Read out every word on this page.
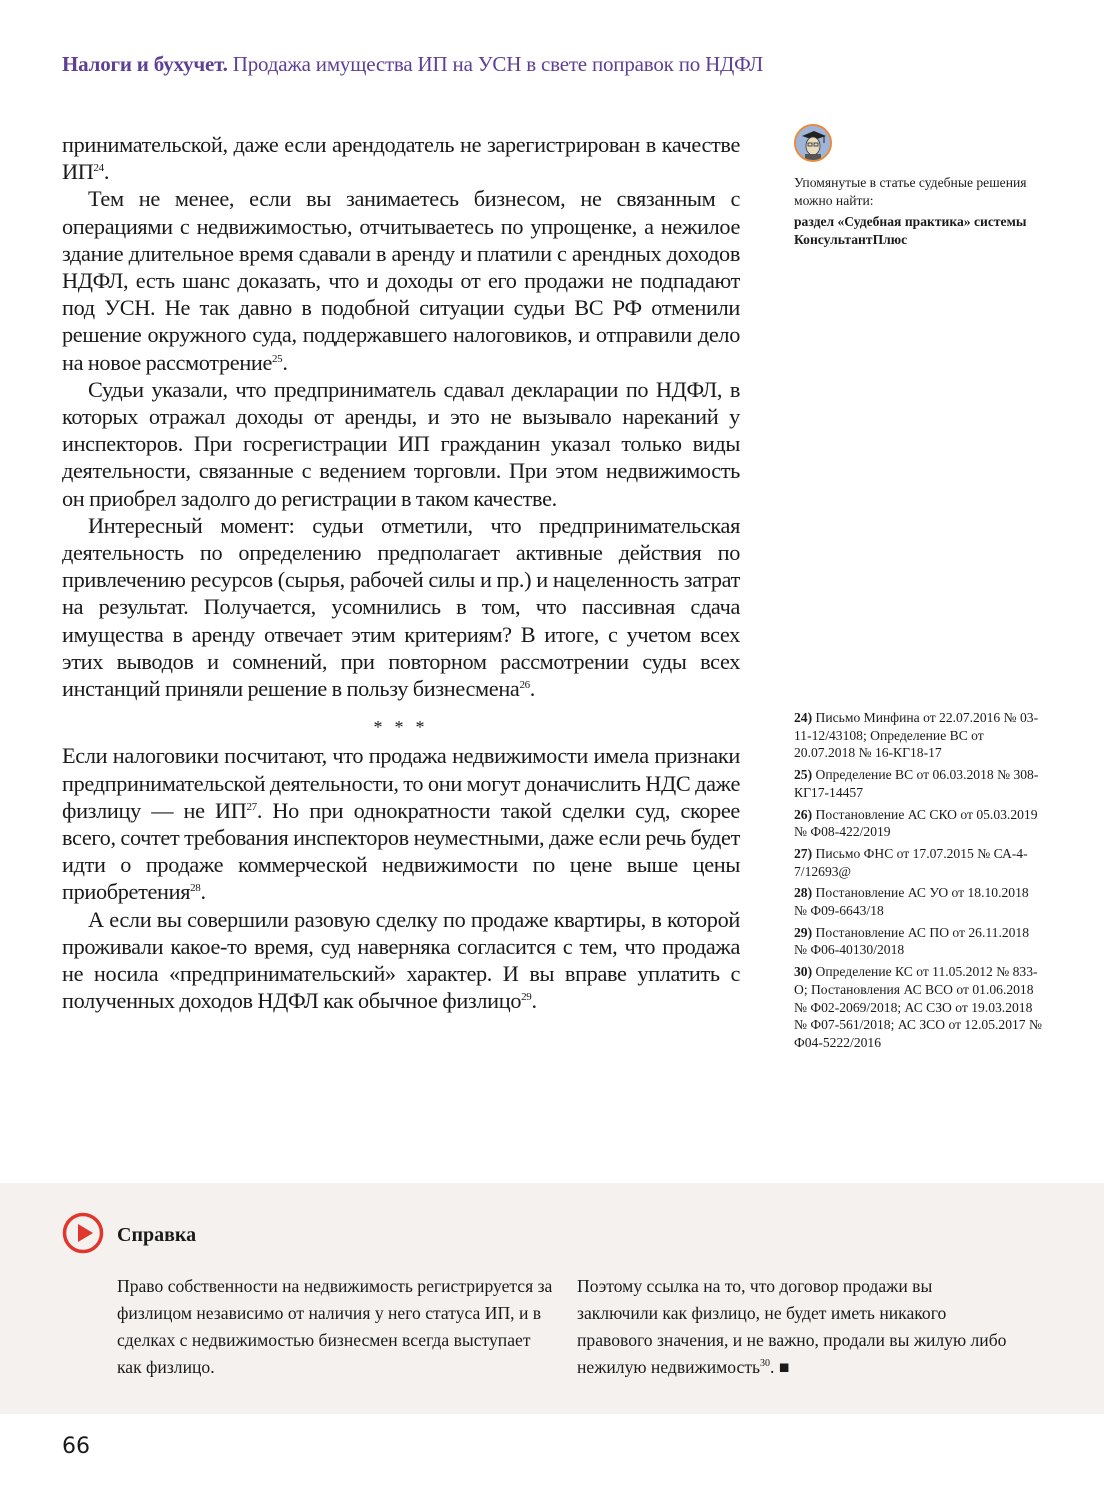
Налоги и бухучет. Продажа имущества ИП на УСН в свете поправок по НДФЛ

принимательской, даже если арендодатель не зарегистрирован в качестве ИП$^{24}$.

Тем не менее, если вы занимаетесь бизнесом, не связанным с операциями с недвижимостью, отчитываетесь по упрощенке, а нежилое здание длительное время сдавали в аренду и платили с арендных доходов НДФЛ, есть шанс доказать, что и доходы от его продажи не подпадают под УСН. Не так давно в подобной ситуации судьи ВС РФ отменили решение окружного суда, поддержавшего налоговиков, и отправили дело на новое рассмотрение$^{25}$.

Судьи указали, что предприниматель сдавал декларации по НДФЛ, в которых отражал доходы от аренды, и это не вызывало нареканий у инспекторов. При госрегистрации ИП гражданин указал только виды деятельности, связанные с ведением торговли. При этом недвижимость он приобрел задолго до регистрации в таком качестве.

Интересный момент: судьи отметили, что предпринимательская деятельность по определению предполагает активные действия по привлечению ресурсов (сырья, рабочей силы и пр.) и нацеленность затрат на результат. Получается, усомнились в том, что пассивная сдача имущества в аренду отвечает этим критериям? В итоге, с учетом всех этих выводов и сомнений, при повторном рассмотрении суды всех инстанций приняли решение в пользу бизнесмена$^{26}$.

* * *

Если налоговики посчитают, что продажа недвижимости имела признаки предпринимательской деятельности, то они могут доначислить НДС даже физлицу — не ИП$^{27}$. Но при однократности такой сделки суд, скорее всего, сочтет требования инспекторов неуместными, даже если речь будет идти о продаже коммерческой недвижимости по цене выше цены приобретения$^{28}$.

А если вы совершили разовую сделку по продаже квартиры, в которой проживали какое-то время, суд наверняка согласится с тем, что продажа не носила «предпринимательский» характер. И вы вправе уплатить с полученных доходов НДФЛ как обычное физлицо$^{29}$.

Упомянутые в статье судебные решения можно найти:

раздел «Судебная практика» системы КонсультантПлюс

24) Письмо Минфина от 22.07.2016 № 03-11-12/43108; Определение ВС от 20.07.2018 № 16-КГ18-17
25) Определение ВС от 06.03.2018 № 308-КГ17-14457
26) Постановление АС СКО от 05.03.2019 № Ф08-422/2019
27) Письмо ФНС от 17.07.2015 № СА-4-7/12693@
28) Постановление АС УО от 18.10.2018 № Ф09-6643/18
29) Постановление АС ПО от 26.11.2018 № Ф06-40130/2018
30) Определение КС от 11.05.2012 № 833-О; Постановления АС ВСО от 01.06.2018 № Ф02-2069/2018; АС СЗО от 19.03.2018 № Ф07-561/2018; АС ЗСО от 12.05.2017 № Ф04-5222/2016
Справка
Право собственности на недвижимость регистрируется за физлицом независимо от наличия у него статуса ИП, и в сделках с недвижимостью бизнесмен всегда выступает как физлицо.
Поэтому ссылка на то, что договор продажи вы заключили как физлицо, не будет иметь никакого правового значения, и не важно, продали вы жилую либо нежилую недвижимость$^{30}$. ■
66
